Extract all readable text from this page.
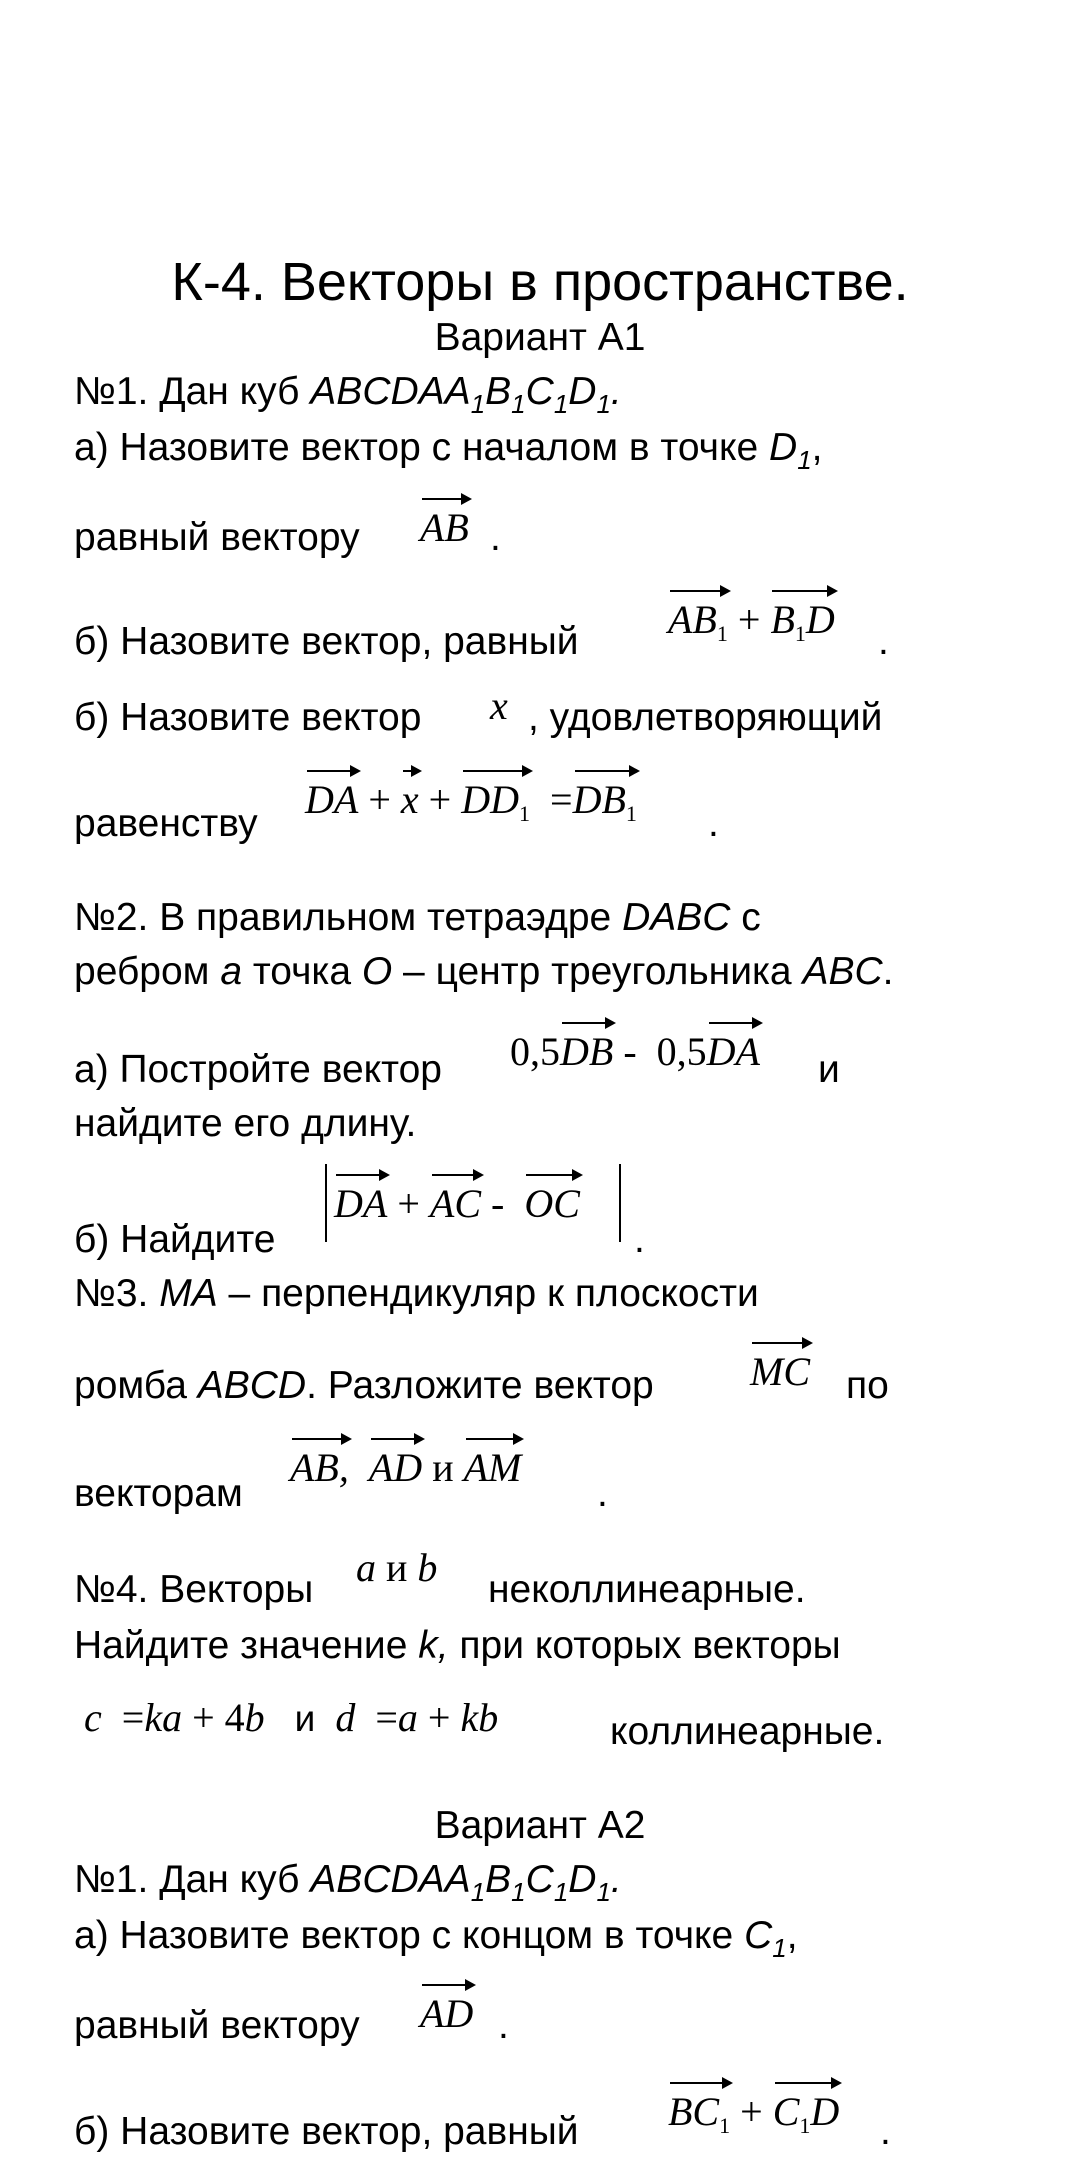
К-4. Векторы в пространстве.
Вариант А1
№1. Дан куб $ABCDAA_1B_1C_1D_1$.
а) Назовите вектор с началом в точке $D_1$,
равный вектору AB .
б) Назовите вектор, равный $AB_1 + B_1D$ .
б) Назовите вектор x , удовлетворяющий
равенству
DA + $x + DD_1 =DB_1$ .
№2. В правильном тетраэдре DABC с
ребром a точка O – центр треугольника ABC.
а) Постройте вектор 0,5DB -  0,5DA и
найдите его длину.
б) Найдите
DA + AC -  OC
.
№3. MA – перпендикуляр к плоскости
ромба ABCD. Разложите вектор MC по
векторам
AB, AD и AM
.
№4. Векторы a и b неколлинеарные.
Найдите значение k, при которых векторы
c  =ka + 4b и d  =a + kb	коллинеарные.
Вариант А2
№1. Дан куб $ABCDAA_1B_1C_1D_1$.
а) Назовите вектор с концом в точке $C_1$,
равный вектору AD .
б) Назовите вектор, равный $BC_1 + C_1D$ .
